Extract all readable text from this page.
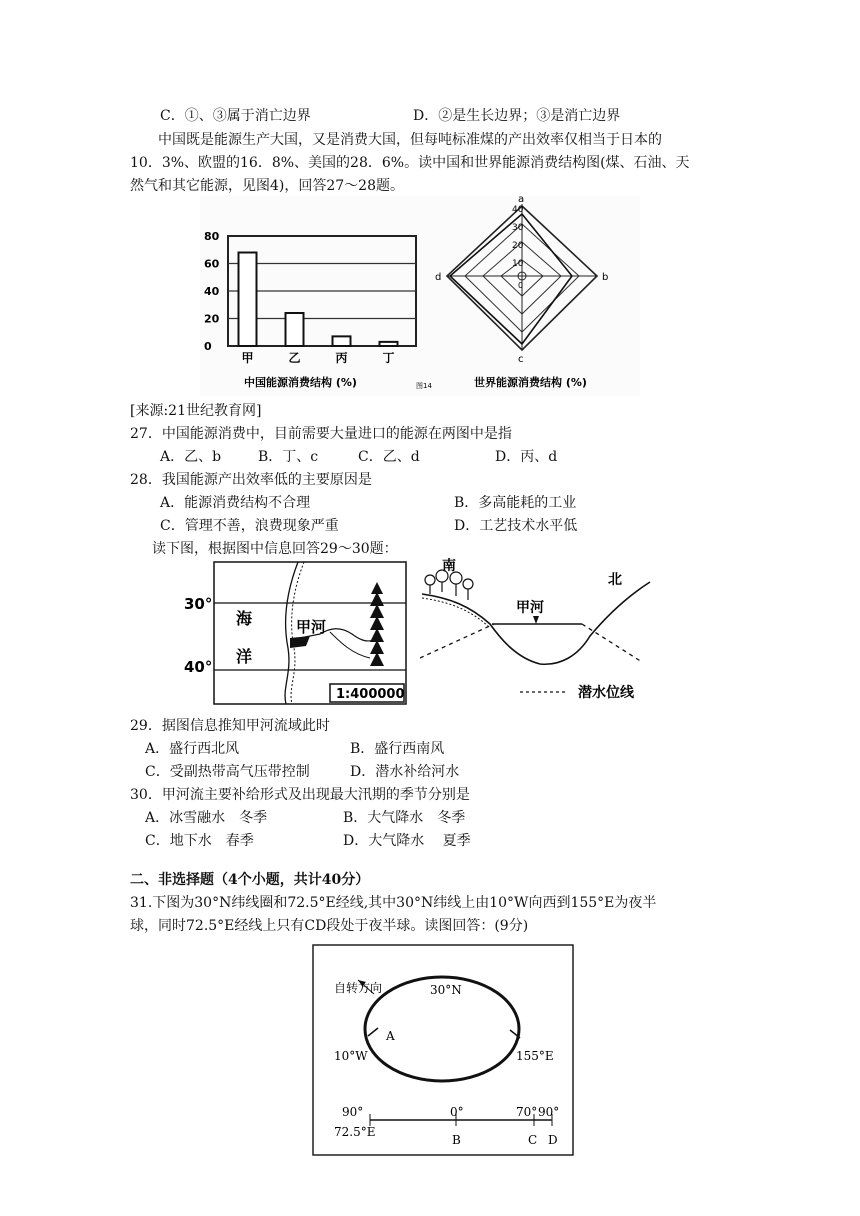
C．①、③属于消亡边界	D．②是生长边界；③是消亡边界
中国既是能源生产大国，又是消费大国，但每吨标准煤的产出效率仅相当于日本的
10．3%、欧盟的16．8%、美国的28．6%。读中国和世界能源消费结构图(煤、石油、天
然气和其它能源，见图4)，回答27～28题。
0
20
40
60
80
甲	乙	丙	丁
中国能源消费结构 (%)
a
b
c
d
40
30
20
10
0
世界能源消费结构 (%)
图14
[来源:21世纪教育网]
27．中国能源消费中，目前需要大量进口的能源在两图中是指
A．乙、b	B．丁、c	C．乙、d	D．丙、d
28．我国能源产出效率低的主要原因是
A．能源消费结构不合理	B．多高能耗的工业
C．管理不善，浪费现象严重	D．工艺技术水平低
读下图，根据图中信息回答29～30题：
30°
40°
海
洋
甲河
1:400000
南
北
甲河
潜水位线
29．据图信息推知甲河流域此时
A．盛行西北风	B．盛行西南风
C．受副热带高气压带控制	D．潜水补给河水
30．甲河流主要补给形式及出现最大汛期的季节分别是
A．冰雪融水　冬季	B．大气降水　冬季
C．地下水　春季	D．大气降水　 夏季
二、非选择题（4个小题，共计40分）
31.下图为30°N纬线圈和72.5°E经线,其中30°N纬线上由10°W向西到155°E为夜半
球，同时72.5°E经线上只有CD段处于夜半球。读图回答：(9分)
自转方向	30°N
A
10°W	155°E
90°	0°	70° 90°
72.5°E
B	C D
